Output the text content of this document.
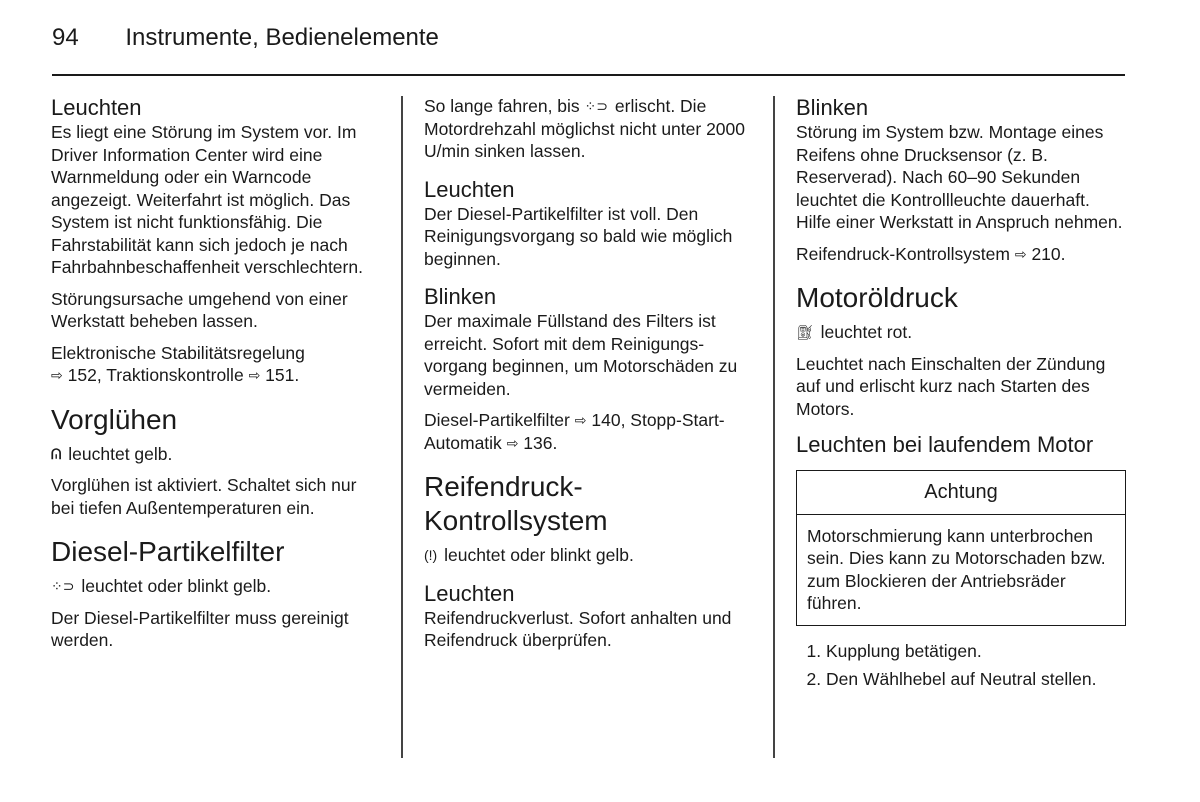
94 Instrumente, Bedienelemente
Leuchten

Es liegt eine Störung im System vor. Im Driver Information Center wird eine Warnmeldung oder ein Warncode angezeigt. Weiterfahrt ist möglich. Das System ist nicht funktionsfähig. Die Fahrstabilität kann sich jedoch je nach Fahrbahnbeschaffenheit verschlechtern.

Störungsursache umgehend von einer Werkstatt beheben lassen.

Elektronische Stabilitätsregelung
⇨ 152, Traktionskontrolle ⇨ 151.

Vorglühen

ᕬ leuchtet gelb.

Vorglühen ist aktiviert. Schaltet sich nur bei tiefen Außentemperaturen ein.

Diesel-Partikelfilter

⁘⊃ leuchtet oder blinkt gelb.

Der Diesel-Partikelfilter muss gereinigt werden.

So lange fahren, bis ⁘⊃ erlischt. Die Motordrehzahl möglichst nicht unter 2000 U/min sinken lassen.

Leuchten

Der Diesel-Partikelfilter ist voll. Den Reinigungsvorgang so bald wie möglich beginnen.

Blinken

Der maximale Füllstand des Filters ist erreicht. Sofort mit dem Reinigungsvorgang beginnen, um Motorschäden zu vermeiden.

Diesel-Partikelfilter ⇨ 140, Stopp-Start-Automatik ⇨ 136.

Reifendruck-Kontrollsystem

(!) leuchtet oder blinkt gelb.

Leuchten

Reifendruckverlust. Sofort anhalten und Reifendruck überprüfen.

Blinken

Störung im System bzw. Montage eines Reifens ohne Drucksensor (z. B. Reserverad). Nach 60–90 Sekunden leuchtet die Kontrollleuchte dauerhaft. Hilfe einer Werkstatt in Anspruch nehmen.

Reifendruck-Kontrollsystem ⇨ 210.

Motoröldruck

⛽︎ leuchtet rot.

Leuchtet nach Einschalten der Zündung auf und erlischt kurz nach Starten des Motors.

Leuchten bei laufendem Motor
Achtung
Motorschmierung kann unterbrochen sein. Dies kann zu Motorschaden bzw. zum Blockieren der Antriebsräder führen.
1. Kupplung betätigen.
2. Den Wählhebel auf Neutral stellen.
